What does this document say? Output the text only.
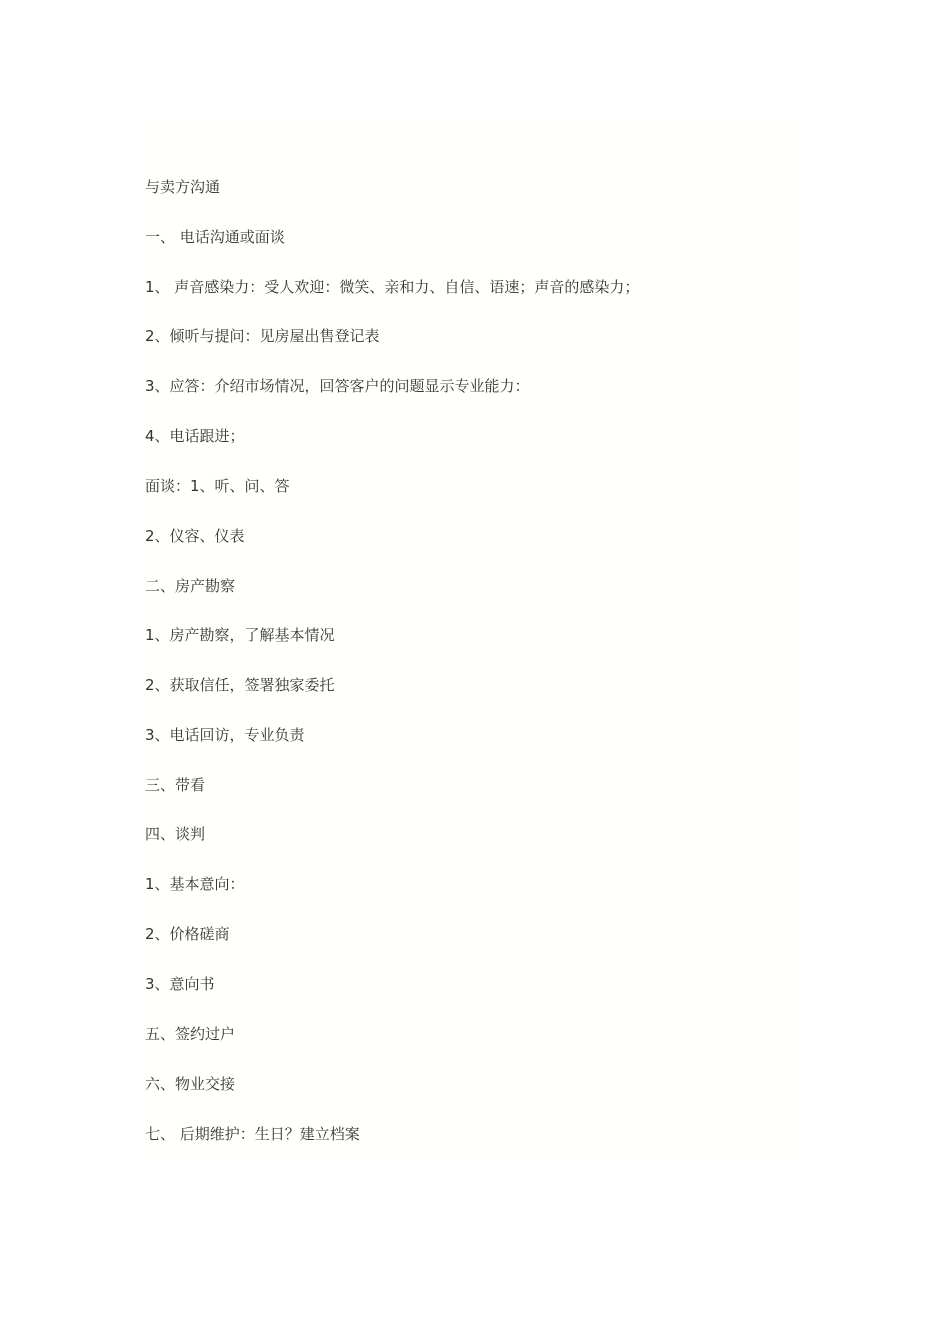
与卖方沟通

一、 电话沟通或面谈

1、 声音感染力：受人欢迎：微笑、亲和力、自信、语速；声音的感染力；

2、倾听与提问：见房屋出售登记表

3、应答：介绍市场情况，回答客户的问题显示专业能力：

4、电话跟进；

面谈：1、听、问、答

2、仪容、仪表

二、房产勘察

1、房产勘察，了解基本情况

2、获取信任，签署独家委托

3、电话回访，专业负责

三、带看

四、谈判

1、基本意向：

2、价格磋商

3、意向书

五、签约过户

六、物业交接

七、 后期维护：生日？建立档案
